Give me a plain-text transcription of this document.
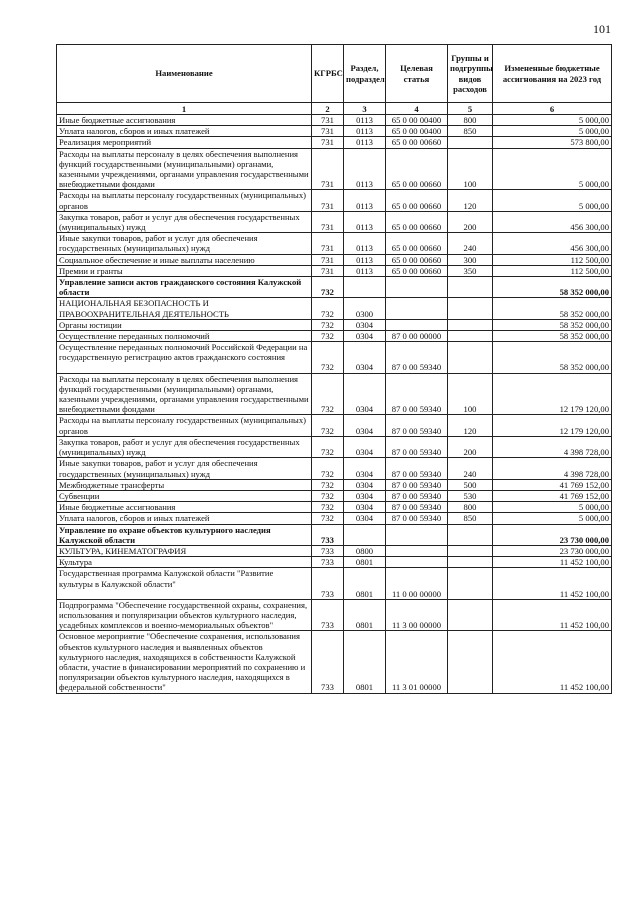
101
Наименование	КГРБС	Раздел, подраздел	Целевая статья	Группы и подгруппы видов расходов	Измененные бюджетные ассигнования на 2023 год
1	2	3	4	5	6
Иные бюджетные ассигнования	731	0113	65 0 00 00400	800	5 000,00
Уплата налогов, сборов и иных платежей	731	0113	65 0 00 00400	850	5 000,00
Реализация мероприятий	731	0113	65 0 00 00660		573 800,00
Расходы на выплаты персоналу в целях обеспечения выполнения функций государственными (муниципальными) органами, казенными учреждениями, органами управления государственными внебюджетными фондами	731	0113	65 0 00 00660	100	5 000,00
Расходы на выплаты персоналу государственных (муниципальных) органов	731	0113	65 0 00 00660	120	5 000,00
Закупка товаров, работ и услуг для обеспечения государственных (муниципальных) нужд	731	0113	65 0 00 00660	200	456 300,00
Иные закупки товаров, работ и услуг для обеспечения государственных (муниципальных) нужд	731	0113	65 0 00 00660	240	456 300,00
Социальное обеспечение и иные выплаты населению	731	0113	65 0 00 00660	300	112 500,00
Премии и гранты	731	0113	65 0 00 00660	350	112 500,00
Управление записи актов гражданского состояния Калужской области	732				58 352 000,00
НАЦИОНАЛЬНАЯ БЕЗОПАСНОСТЬ И ПРАВООХРАНИТЕЛЬНАЯ ДЕЯТЕЛЬНОСТЬ	732	0300			58 352 000,00
Органы юстиции	732	0304			58 352 000,00
Осуществление переданных полномочий	732	0304	87 0 00 00000		58 352 000,00
Осуществление переданных полномочий Российской Федерации на государственную регистрацию актов гражданского состояния	732	0304	87 0 00 59340		58 352 000,00
Расходы на выплаты персоналу в целях обеспечения выполнения функций государственными (муниципальными) органами, казенными учреждениями, органами управления государственными внебюджетными фондами	732	0304	87 0 00 59340	100	12 179 120,00
Расходы на выплаты персоналу государственных (муниципальных) органов	732	0304	87 0 00 59340	120	12 179 120,00
Закупка товаров, работ и услуг для обеспечения государственных (муниципальных) нужд	732	0304	87 0 00 59340	200	4 398 728,00
Иные закупки товаров, работ и услуг для обеспечения государственных (муниципальных) нужд	732	0304	87 0 00 59340	240	4 398 728,00
Межбюджетные трансферты	732	0304	87 0 00 59340	500	41 769 152,00
Субвенции	732	0304	87 0 00 59340	530	41 769 152,00
Иные бюджетные ассигнования	732	0304	87 0 00 59340	800	5 000,00
Уплата налогов, сборов и иных платежей	732	0304	87 0 00 59340	850	5 000,00
Управление по охране объектов культурного наследия Калужской области	733				23 730 000,00
КУЛЬТУРА, КИНЕМАТОГРАФИЯ	733	0800			23 730 000,00
Культура	733	0801			11 452 100,00
Государственная программа Калужской области "Развитие культуры в Калужской области"	733	0801	11 0 00 00000		11 452 100,00
Подпрограмма "Обеспечение государственной охраны, сохранения, использования и популяризации объектов культурного наследия, усадебных комплексов и военно-мемориальных объектов"	733	0801	11 3 00 00000		11 452 100,00
Основное мероприятие "Обеспечение сохранения, использования объектов культурного наследия и выявленных объектов культурного наследия, находящихся в собственности Калужской области, участие в финансировании мероприятий по сохранению и популяризации объектов культурного наследия, находящихся в федеральной собственности"	733	0801	11 3 01 00000		11 452 100,00
